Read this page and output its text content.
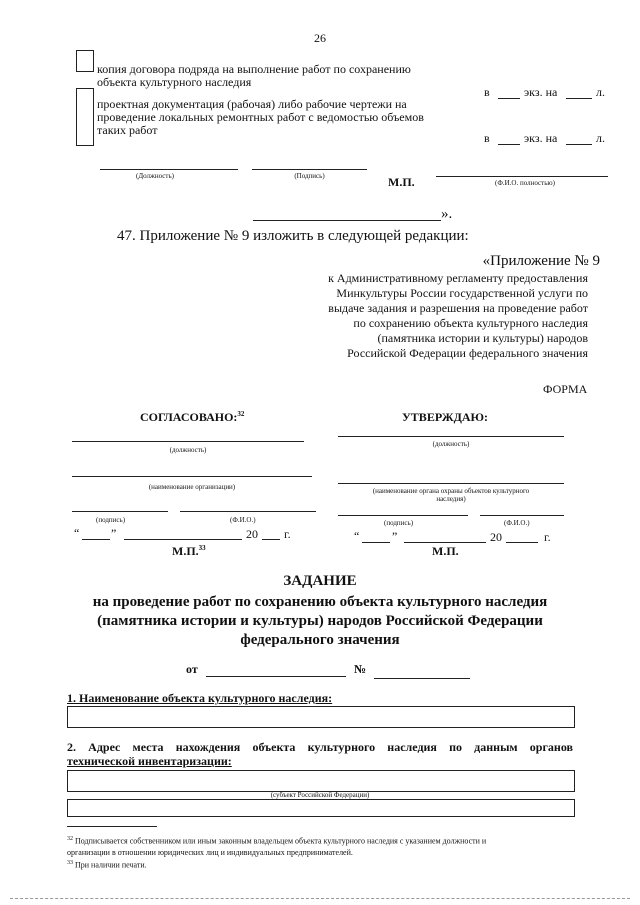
26
копия договора подряда на выполнение работ по сохранению
объекта культурного наследия
проектная документация (рабочая) либо рабочие чертежи на
проведение локальных ремонтных работ с ведомостью объемов
таких работ
в	экз. на	л.
в	экз. на	л.
(Должность)	(Подпись)	М.П.	(Ф.И.О. полностью)
».
47. Приложение № 9 изложить в следующей редакции:
«Приложение № 9
к Административному регламенту предоставления
Минкультуры России государственной услуги по
выдаче задания и разрешения на проведение работ
по сохранению объекта культурного наследия
(памятника истории и культуры) народов
Российской Федерации федерального значения
ФОРМА
СОГЛАСОВАНО:$^{32}$
(должность)
(наименование организации)
(подпись)	(Ф.И.О.)
“	”	20 г.
М.П.$^{33}$
УТВЕРЖДАЮ:
(должность)
(наименование органа охраны объектов культурного
наследия)
(подпись)	(Ф.И.О.)
“	”	20	г.
М.П.
ЗАДАНИЕ
на проведение работ по сохранению объекта культурного наследия
(памятника истории и культуры) народов Российской Федерации
федерального значения
от	№
1. Наименование объекта культурного наследия:
2. Адрес места нахождения объекта культурного наследия по данным органов
технической инвентаризации:
(субъект Российской Федерации)
$^{32}$ Подписывается собственником или иным законным владельцем объекта культурного наследия с указанием должности и
организации в отношении юридических лиц и индивидуальных предпринимателей.
$^{33}$ При наличии печати.
